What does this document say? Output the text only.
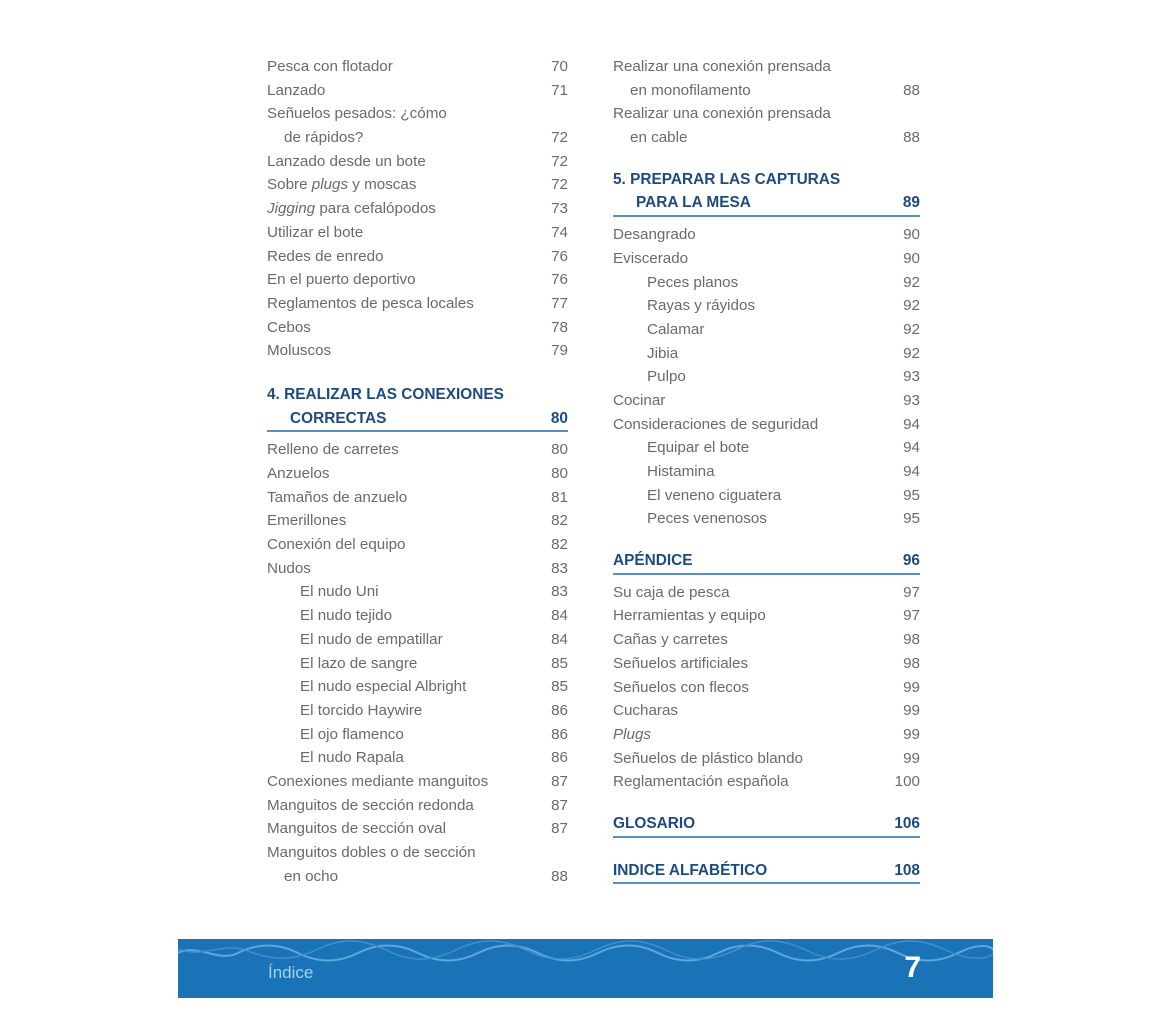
Pesca con flotador	70
Lanzado	71
Señuelos pesados: ¿cómo
de rápidos?	72
Lanzado desde un bote	72
Sobre plugs y moscas	72
Jigging para cefalópodos	73
Utilizar el bote	74
Redes de enredo	76
En el puerto deportivo	76
Reglamentos de pesca locales	77
Cebos	78
Moluscos	79
4. REALIZAR LAS CONEXIONES
CORRECTAS	80
Relleno de carretes	80
Anzuelos	80
Tamaños de anzuelo	81
Emerillones	82
Conexión del equipo	82
Nudos	83
El nudo Uni	83
El nudo tejido	84
El nudo de empatillar	84
El lazo de sangre	85
El nudo especial Albright	85
El torcido Haywire	86
El ojo flamenco	86
El nudo Rapala	86
Conexiones mediante manguitos	87
Manguitos de sección redonda	87
Manguitos de sección oval	87
Manguitos dobles o de sección
en ocho	88
Realizar una conexión prensada
en monofilamento	88
Realizar una conexión prensada
en cable	88
5. PREPARAR LAS CAPTURAS
PARA LA MESA	89
Desangrado	90
Eviscerado	90
Peces planos	92
Rayas y ráyidos	92
Calamar	92
Jibia	92
Pulpo	93
Cocinar	93
Consideraciones de seguridad	94
Equipar el bote	94
Histamina	94
El veneno ciguatera	95
Peces venenosos	95
APÉNDICE	96
Su caja de pesca	97
Herramientas y equipo	97
Cañas y carretes	98
Señuelos artificiales	98
Señuelos con flecos	99
Cucharas	99
Plugs	99
Señuelos de plástico blando	99
Reglamentación española	100
GLOSARIO	106
INDICE ALFABÉTICO	108
Índice	7
